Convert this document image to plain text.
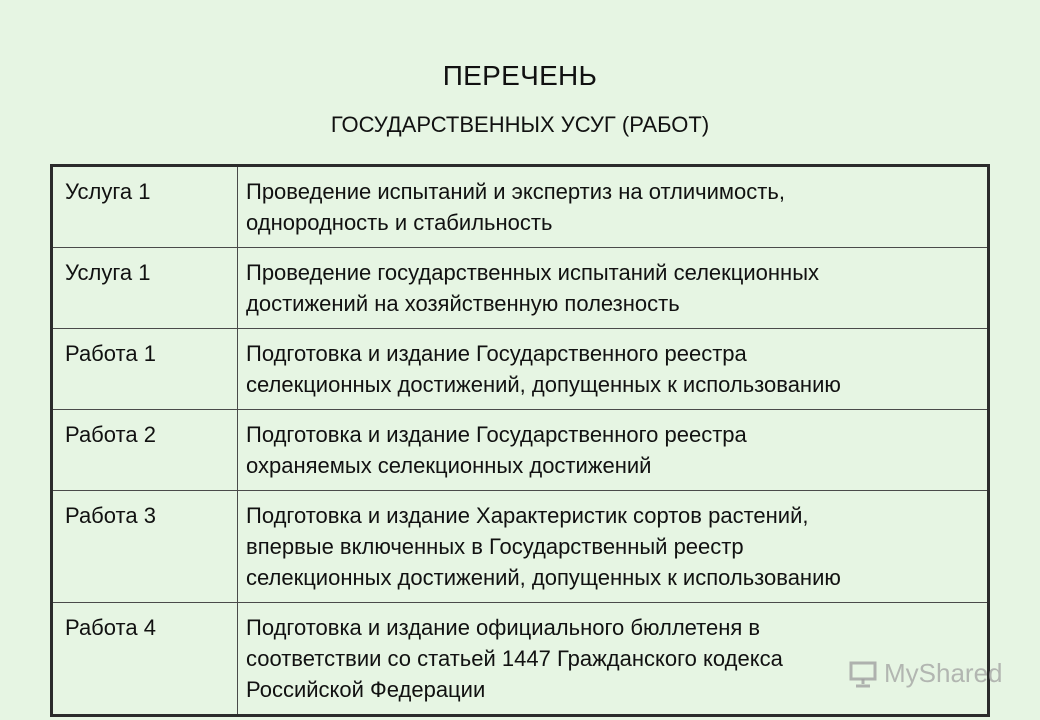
ПЕРЕЧЕНЬ
ГОСУДАРСТВЕННЫХ УСУГ (РАБОТ)
Услуга 1	Проведение испытаний и экспертиз на отличимость,
однородность и стабильность

Услуга 1	Проведение государственных испытаний селекционных
достижений на хозяйственную полезность

Работа 1	Подготовка и издание Государственного реестра
селекционных достижений, допущенных к использованию

Работа 2	Подготовка и издание Государственного реестра
охраняемых селекционных достижений

Работа 3	Подготовка и издание Характеристик сортов растений,
впервые включенных в Государственный реестр
селекционных достижений, допущенных к использованию

Работа 4	Подготовка и издание официального бюллетеня в
соответствии со статьей 1447 Гражданского кодекса
Российской Федерации
MyShared
